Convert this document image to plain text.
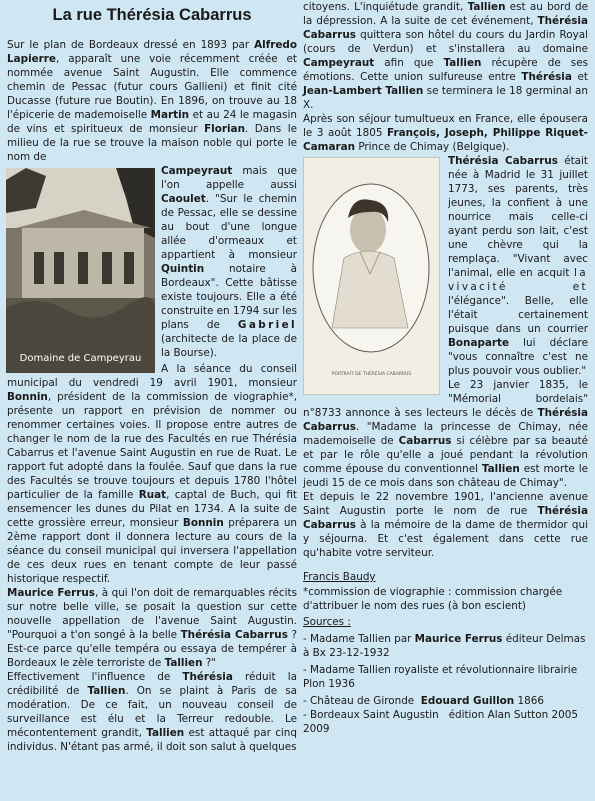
La rue Thérésia Cabarrus

Sur le plan de Bordeaux dressé en 1893 par Alfredo Lapierre, apparaît une voie récemment créée et nommée avenue Saint Augustin. Elle commence chemin de Pessac (futur cours Gallieni) et finit cité Ducasse (future rue Boutin). En 1896, on trouve au 18 l'épicerie de mademoiselle Martin et au 24 le magasin de vins et spiritueux de monsieur Florian. Dans le milieu de la rue se trouve la maison noble qui porte le nom de

Domaine de Campeyrau

Campeyraut mais que l'on appelle aussi Caoulet. "Sur le chemin de Pessac, elle se dessine au bout d'une longue allée d'ormeaux et appartient à monsieur Quintin notaire à Bordeaux". Cette bâtisse existe toujours. Elle a été construite en 1794 sur les plans de Gabriel (architecte de la place de la Bourse).

A la séance du conseil municipal du vendredi 19 avril 1901, monsieur Bonnin, président de la commission de viographie*, présente un rapport en prévision de nommer ou renommer certaines voies. Il propose entre autres de changer le nom de la rue des Facultés en rue Thérésia Cabarrus et l'avenue Saint Augustin en rue de Ruat. Le rapport fut adopté dans la foulée. Sauf que dans la rue des Facultés se trouve toujours et depuis 1780 l'hôtel particulier de la famille Ruat, captal de Buch, qui fit ensemencer les dunes du Pilat en 1734. A la suite de cette grossière erreur, monsieur Bonnin préparera un 2ème rapport dont il donnera lecture au cours de la séance du conseil municipal qui inversera l'appellation de ces deux rues en tenant compte de leur passé historique respectif.

Maurice Ferrus, à qui l'on doit de remarquables récits sur notre belle ville, se posait la question sur cette nouvelle appellation de l'avenue Saint Augustin. "Pourquoi a t'on songé à la belle Thérésia Cabarrus ? Est-ce parce qu'elle tempéra ou essaya de tempérer à Bordeaux le zèle terroriste de Tallien ?"

Effectivement l'influence de Thérésia réduit la crédibilité de Tallien. On se plaint à Paris de sa modération. De ce fait, un nouveau conseil de surveillance est élu et la Terreur redouble. Le mécontentement grandit, Tallien est attaqué par cinq individus. N'étant pas armé, il doit son salut à quelques

citoyens. L'inquiétude grandit, Tallien est au bord de la dépression. A la suite de cet événement, Thérésia Cabarrus quittera son hôtel du cours du Jardin Royal (cours de Verdun) et s'installera au domaine Campeyraut afin que Tallien récupère de ses émotions. Cette union sulfureuse entre Thérésia et Jean-Lambert Tallien se terminera le 18 germinal an X.

Après son séjour tumultueux en France, elle épousera le 3 août 1805 François, Joseph, Philippe Riquet-Camaran Prince de Chimay (Belgique).

PORTRAIT DE THÉRÉSIA CABARRUS

Thérésia Cabarrus était née à Madrid le 31 juillet 1773, ses parents, très jeunes, la confient à une nourrice mais celle-ci ayant perdu son lait, c'est une chèvre qui la remplaça. "Vivant avec l'animal, elle en acquit la vivacité et l'élégance". Belle, elle l'était certainement puisque dans un courrier Bonaparte lui déclare "vous connaître c'est ne plus pouvoir vous oublier."

Le 23 janvier 1835, le "Mémorial bordelais" n°8733 annonce à ses lecteurs le décès de Thérésia Cabarrus. "Madame la princesse de Chimay, née mademoiselle de Cabarrus si célèbre par sa beauté et par le rôle qu'elle a joué pendant la révolution comme épouse du conventionnel Tallien est morte le jeudi 15 de ce mois dans son château de Chimay".

Et depuis le 22 novembre 1901, l'ancienne avenue Saint Augustin porte le nom de rue Thérésia Cabarrus à la mémoire de la dame de thermidor qui y séjourna. Et c'est également dans cette rue qu'habite votre serviteur.

Francis Baudy

*commission de viographie : commission chargée d'attribuer le nom des rues (à bon escient)

Sources :

- Madame Tallien par Maurice Ferrus éditeur Delmas à Bx 23-12-1932

- Madame Tallien royaliste et révolutionnaire librairie Plon 1936

- Château de Gironde  Edouard Guillon 1866

- Bordeaux Saint Augustin   édition Alan Sutton 2005 2009
